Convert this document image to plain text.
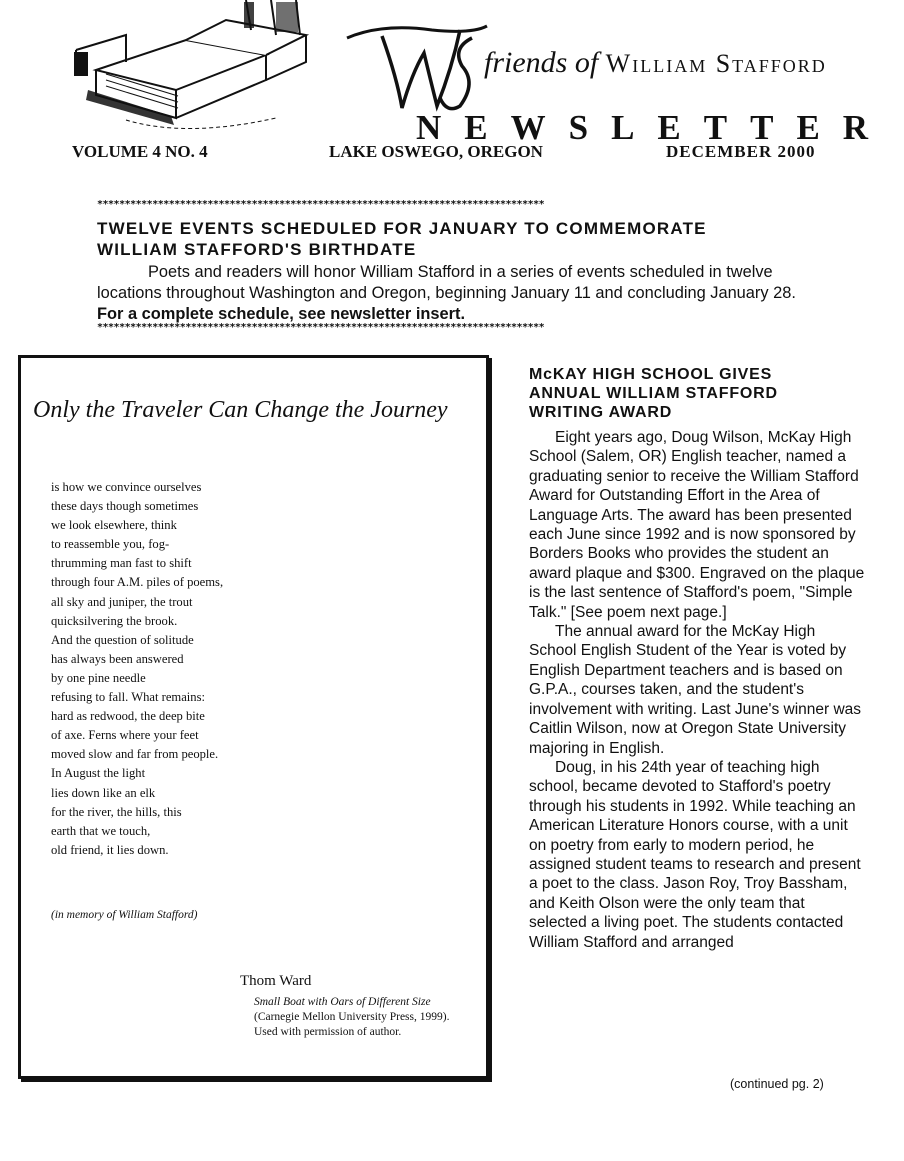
friends of William Stafford
NEWSLETTER
VOLUME 4 NO. 4	LAKE OSWEGO, OREGON	DECEMBER 2000
*********************************************************************************
TWELVE EVENTS SCHEDULED FOR JANUARY TO COMMEMORATE
WILLIAM STAFFORD'S BIRTHDATE

Poets and readers will honor William Stafford in a series of events scheduled in twelve locations throughout Washington and Oregon, beginning January 11 and concluding January 28.  For a complete schedule, see newsletter insert.

*********************************************************************************
Only the Traveler Can Change the Journey
is how we convince ourselves
these days though sometimes
we look elsewhere, think
to reassemble you, fog-
thrumming man fast to shift
through four A.M. piles of poems,
all sky and juniper, the trout
quicksilvering the brook.
And the question of solitude
has always been answered
by one pine needle
refusing to fall. What remains:
hard as redwood, the deep bite
of axe. Ferns where your feet
moved slow and far from people.
In August the light
lies down like an elk
for the river, the hills, this
earth that we touch,
old friend, it lies down.
(in memory of William Stafford)
Thom Ward
Small Boat with Oars of Different Size (Carnegie Mellon University Press, 1999). Used with permission of author.
McKAY HIGH SCHOOL GIVES ANNUAL WILLIAM STAFFORD WRITING AWARD

Eight years ago, Doug Wilson, McKay High School (Salem, OR) English teacher, named a graduating senior to receive the William Stafford Award for Outstanding Effort in the Area of Language Arts. The award has been presented each June since 1992 and is now sponsored by Borders Books who provides the student an award plaque and $300. Engraved on the plaque is the last sentence of Stafford's poem, "Simple Talk." [See poem next page.]

The annual award for the McKay High School English Student of the Year is voted by English Department teachers and is based on G.P.A., courses taken, and the student's involvement with writing. Last June's winner was Caitlin Wilson, now at Oregon State University majoring in English.

Doug, in his 24th year of teaching high school, became devoted to Stafford's poetry through his students in 1992. While teaching an American Literature Honors course, with a unit on poetry from early to modern period, he assigned student teams to research and present a poet to the class. Jason Roy, Troy Bassham, and Keith Olson were the only team that selected a living poet. The students contacted William Stafford and arranged

(continued pg. 2)
